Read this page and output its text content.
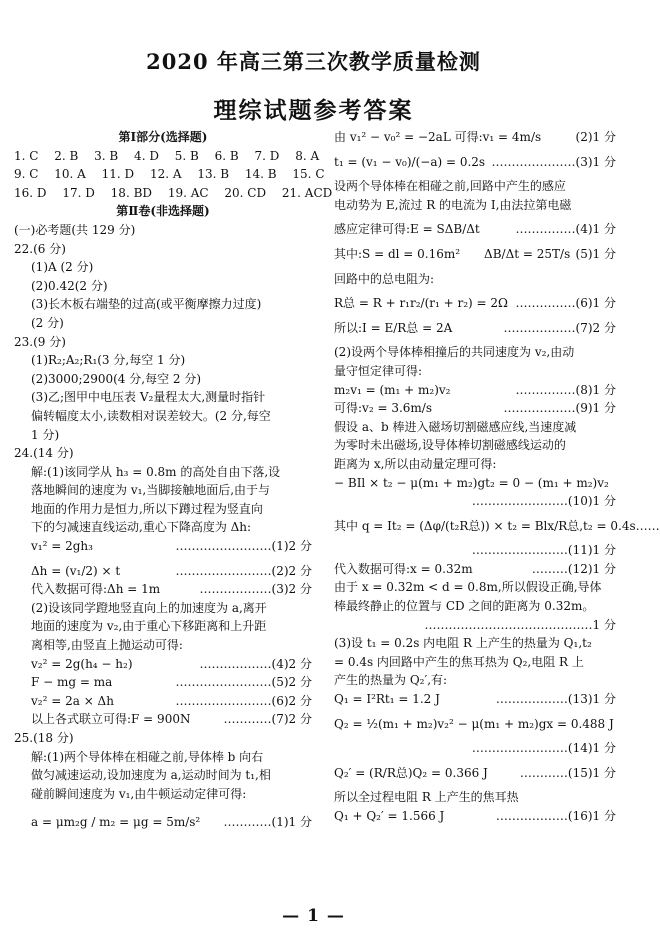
2020 年高三第三次教学质量检测
理综试题参考答案
第Ⅰ部分(选择题)
1. C　 2. B　 3. B　 4. D　 5. B　 6. B　 7. D　 8. A
9. C　 10. A　 11. D　 12. A　 13. B　 14. B　 15. C
16. D　 17. D　 18. BD　 19. AC　 20. CD　 21. ACD
第Ⅱ卷(非选择题)
(一)必考题(共 129 分)
22.(6 分)
(1)A (2 分)
(2)0.42(2 分)
(3)长木板右端垫的过高(或平衡摩擦力过度)
(2 分)
23.(9 分)
(1)R₂;A₂;R₁(3 分,每空 1 分)
(2)3000;2900(4 分,每空 2 分)
(3)乙;图甲中电压表 V₂量程太大,测量时指针
偏转幅度太小,读数相对误差较大。(2 分,每空
1 分)
24.(14 分)
解:(1)该同学从 h₃ = 0.8m 的高处自由下落,设
落地瞬间的速度为 v₁,当脚接触地面后,由于与
地面的作用力是恒力,所以下蹲过程为竖直向
下的匀减速直线运动,重心下降高度为 Δh:
v₁² = 2gh₃	……………………(1)2 分
Δh = (v₁/2) × t	……………………(2)2 分
代入数据可得:Δh = 1m	………………(3)2 分
(2)设该同学蹬地竖直向上的加速度为 a,离开
地面的速度为 v₂,由于重心下移距离和上升距
离相等,由竖直上抛运动可得:
v₂² = 2g(h₄ − h₂)	………………(4)2 分
F − mg = ma	……………………(5)2 分
v₂² = 2a × Δh	……………………(6)2 分
以上各式联立可得:F = 900N	…………(7)2 分
25.(18 分)
解:(1)两个导体棒在相碰之前,导体棒 b 向右
做匀减速运动,设加速度为 a,运动时间为 t₁,相
碰前瞬间速度为 v₁,由牛顿运动定律可得:
a = μm₂g / m₂ = μg = 5m/s² …………(1)1 分
由 v₁² − v₀² = −2aL 可得:v₁ = 4m/s	(2)1 分
t₁ = (v₁ − v₀)/(−a) = 0.2s …………………(3)1 分
设两个导体棒在相碰之前,回路中产生的感应
电动势为 E,流过 R 的电流为 I,由法拉第电磁
感应定律可得:E = SΔB/Δt	……………(4)1 分
其中:S = dl = 0.16m²　　ΔB/Δt = 25T/s (5)1 分
回路中的总电阻为:
R总 = R + r₁r₂/(r₁ + r₂) = 2Ω ……………(6)1 分
所以:I = E/R总 = 2A	………………(7)2 分
(2)设两个导体棒相撞后的共同速度为 v₂,由动
量守恒定律可得:
m₂v₁ = (m₁ + m₂)v₂	……………(8)1 分
可得:v₂ = 3.6m/s	………………(9)1 分
假设 a、b 棒进入磁场切割磁感应线,当速度减
为零时未出磁场,设导体棒切割磁感线运动的
距离为 x,所以由动量定理可得:
− BIl × t₂ − μ(m₁ + m₂)gt₂ = 0 − (m₁ + m₂)v₂
……………………(10)1 分
其中 q = It₂ = (Δφ/(t₂R总)) × t₂ = Blx/R总,t₂ = 0.4s ……
……………………(11)1 分
代入数据可得:x = 0.32m	………(12)1 分
由于 x = 0.32m < d = 0.8m,所以假设正确,导体
棒最终静止的位置与 CD 之间的距离为 0.32m。
……………………………………1 分
(3)设 t₁ = 0.2s 内电阻 R 上产生的热量为 Q₁,t₂
= 0.4s 内回路中产生的焦耳热为 Q₂,电阻 R 上
产生的热量为 Q₂′,有:
Q₁ = I²Rt₁ = 1.2 J	………………(13)1 分
Q₂ = ½(m₁ + m₂)v₂² − μ(m₁ + m₂)gx = 0.488 J
……………………(14)1 分
Q₂′ = (R/R总)Q₂ = 0.366 J	…………(15)1 分
所以全过程电阻 R 上产生的焦耳热
Q₁ + Q₂′ = 1.566 J	………………(16)1 分
— 1 —
